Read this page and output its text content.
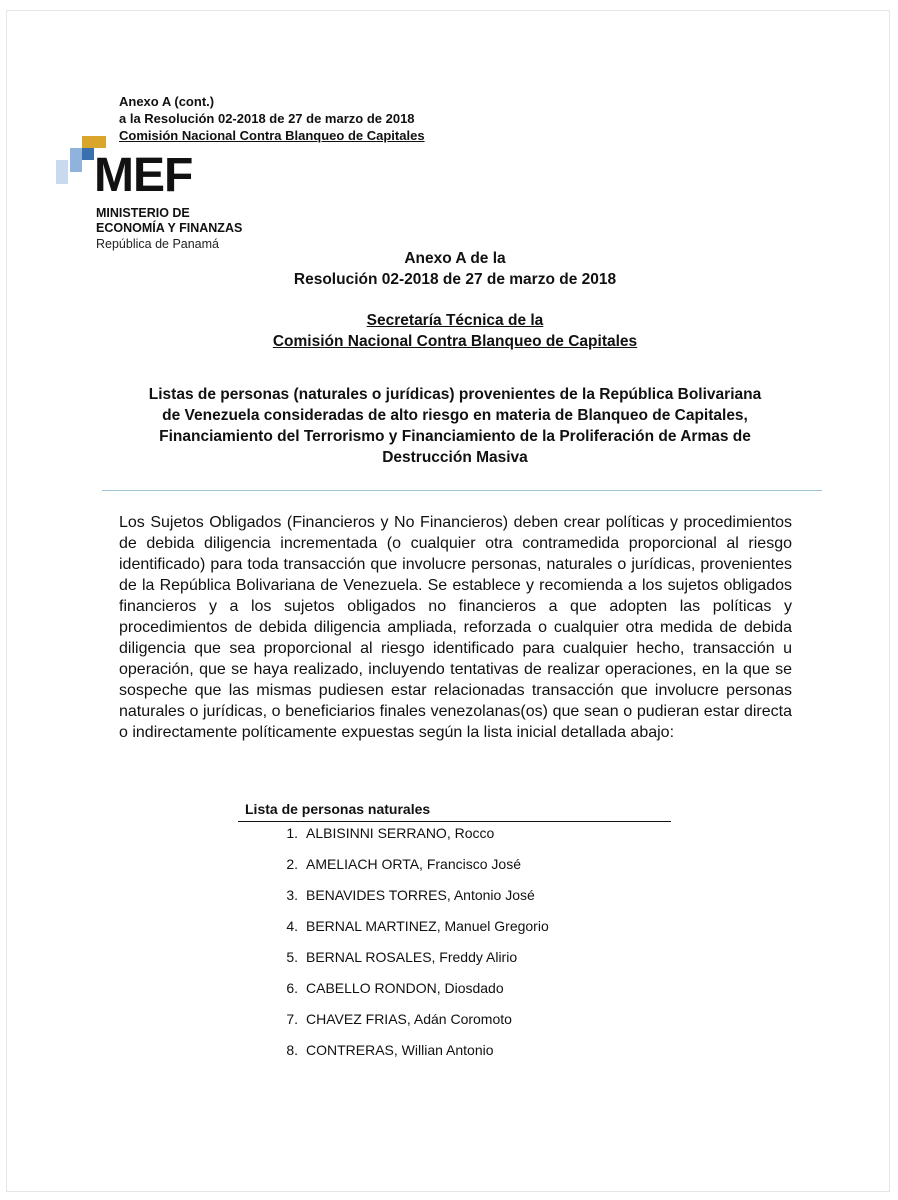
Anexo A (cont.)
a la Resolución 02-2018 de 27 de marzo de 2018
Comisión Nacional Contra Blanqueo de Capitales
MEF
MINISTERIO DE
ECONOMÍA Y FINANZAS
República de Panamá
Anexo A de la
Resolución 02-2018 de 27 de marzo de 2018
Secretaría Técnica de la
Comisión Nacional Contra Blanqueo de Capitales
Listas de personas (naturales o jurídicas) provenientes de la República Bolivariana
de Venezuela consideradas de alto riesgo en materia de Blanqueo de Capitales,
Financiamiento del Terrorismo y Financiamiento de la Proliferación de Armas de
Destrucción Masiva
Los Sujetos Obligados (Financieros y No Financieros) deben crear políticas y procedimientos de debida diligencia incrementada (o cualquier otra contramedida proporcional al riesgo identificado) para toda transacción que involucre personas, naturales o jurídicas, provenientes de la República Bolivariana de Venezuela. Se establece y recomienda a los sujetos obligados financieros y a los sujetos obligados no financieros a que adopten las políticas y procedimientos de debida diligencia ampliada, reforzada o cualquier otra medida de debida diligencia que sea proporcional al riesgo identificado para cualquier hecho, transacción u operación, que se haya realizado, incluyendo tentativas de realizar operaciones, en la que se sospeche que las mismas pudiesen estar relacionadas transacción que involucre personas naturales o jurídicas, o beneficiarios finales venezolanas(os) que sean o pudieran estar directa o indirectamente políticamente expuestas según la lista inicial detallada abajo:
Lista de personas naturales
1. ALBISINNI SERRANO, Rocco
2. AMELIACH ORTA, Francisco José
3. BENAVIDES TORRES, Antonio José
4. BERNAL MARTINEZ, Manuel Gregorio
5. BERNAL ROSALES, Freddy Alirio
6. CABELLO RONDON, Diosdado
7. CHAVEZ FRIAS, Adán Coromoto
8. CONTRERAS, Willian Antonio
